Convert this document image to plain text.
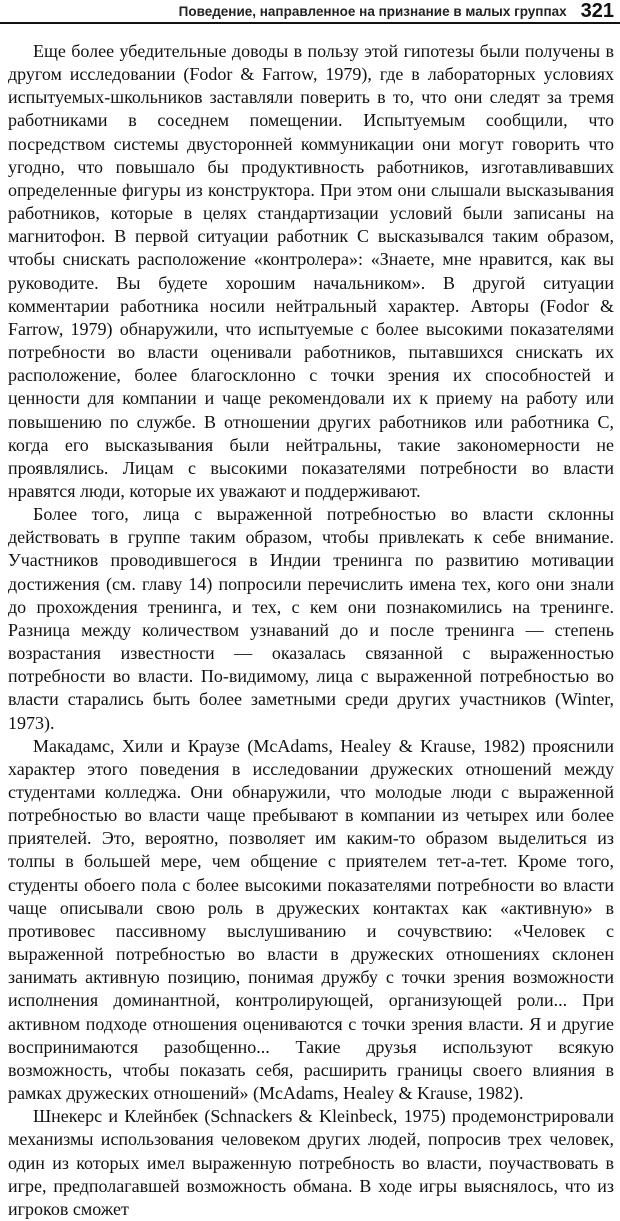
Поведение, направленное на признание в малых группах 321

Еще более убедительные доводы в пользу этой гипотезы были получены в другом исследовании (Fodor & Farrow, 1979), где в лабораторных условиях испытуемых-школьников заставляли поверить в то, что они следят за тремя работниками в соседнем помещении. Испытуемым сообщили, что посредством системы двусторонней коммуникации они могут говорить что угодно, что повышало бы продуктивность работников, изготавливавших определенные фигуры из конструктора. При этом они слышали высказывания работников, которые в целях стандартизации условий были записаны на магнитофон. В первой ситуации работник C высказывался таким образом, чтобы снискать расположение «контролера»: «Знаете, мне нравится, как вы руководите. Вы будете хорошим начальником». В другой ситуации комментарии работника носили нейтральный характер. Авторы (Fodor & Farrow, 1979) обнаружили, что испытуемые с более высокими показателями потребности во власти оценивали работников, пытавшихся снискать их расположение, более благосклонно с точки зрения их способностей и ценности для компании и чаще рекомендовали их к приему на работу или повышению по службе. В отношении других работников или работника C, когда его высказывания были нейтральны, такие закономерности не проявлялись. Лицам с высокими показателями потребности во власти нравятся люди, которые их уважают и поддерживают.

Более того, лица с выраженной потребностью во власти склонны действовать в группе таким образом, чтобы привлекать к себе внимание. Участников проводившегося в Индии тренинга по развитию мотивации достижения (см. главу 14) попросили перечислить имена тех, кого они знали до прохождения тренинга, и тех, с кем они познакомились на тренинге. Разница между количеством узнаваний до и после тренинга — степень возрастания известности — оказалась связанной с выраженностью потребности во власти. По-видимому, лица с выраженной потребностью во власти старались быть более заметными среди других участников (Winter, 1973).

Макадамс, Хили и Краузе (McAdams, Healey & Krause, 1982) прояснили характер этого поведения в исследовании дружеских отношений между студентами колледжа. Они обнаружили, что молодые люди с выраженной потребностью во власти чаще пребывают в компании из четырех или более приятелей. Это, вероятно, позволяет им каким-то образом выделиться из толпы в большей мере, чем общение с приятелем тет-а-тет. Кроме того, студенты обоего пола с более высокими показателями потребности во власти чаще описывали свою роль в дружеских контактах как «активную» в противовес пассивному выслушиванию и сочувствию: «Человек с выраженной потребностью во власти в дружеских отношениях склонен занимать активную позицию, понимая дружбу с точки зрения возможности исполнения доминантной, контролирующей, организующей роли... При активном подходе отношения оцениваются с точки зрения власти. Я и другие воспринимаются разобщенно... Такие друзья используют всякую возможность, чтобы показать себя, расширить границы своего влияния в рамках дружеских отношений» (McAdams, Healey & Krause, 1982).

Шнекерс и Клейнбек (Schnackers & Kleinbeck, 1975) продемонстрировали механизмы использования человеком других людей, попросив трех человек, один из которых имел выраженную потребность во власти, поучаствовать в игре, предполагавшей возможность обмана. В ходе игры выяснялось, что из игроков сможет
